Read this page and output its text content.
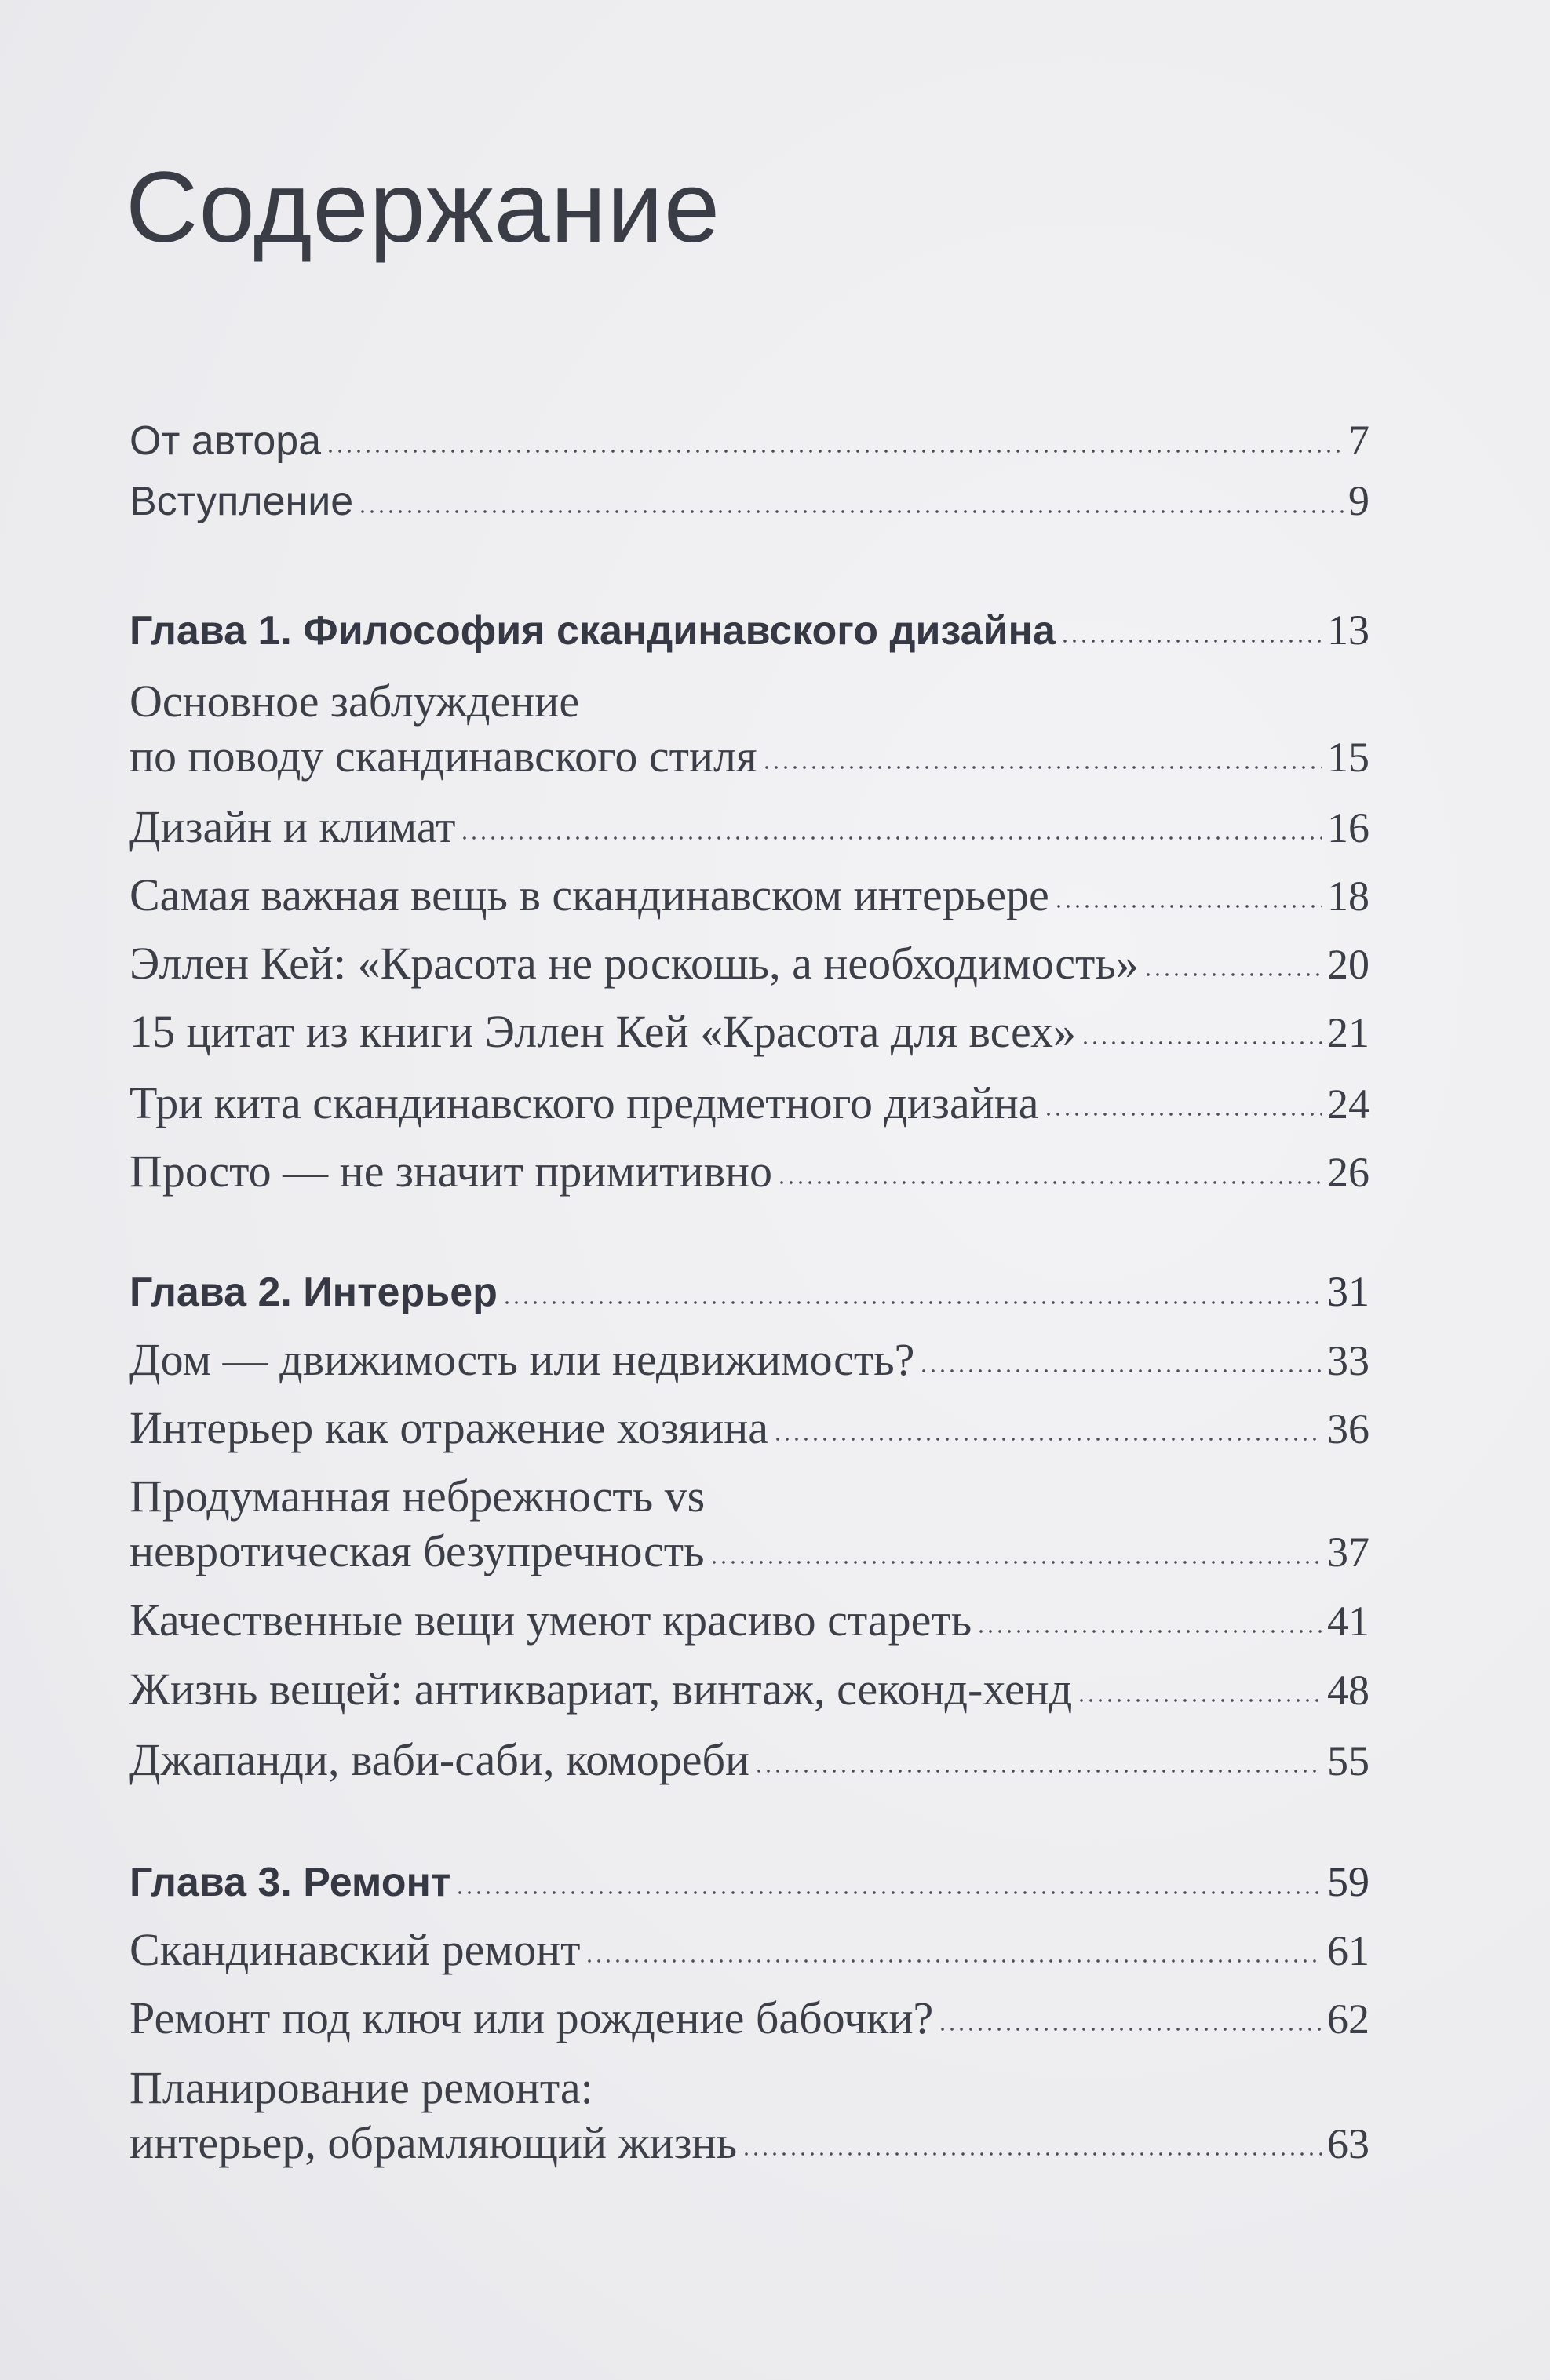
Содержание
От автора	7
Вступление	9
Глава 1. Философия скандинавского дизайна	13
Основное заблуждение
по поводу скандинавского стиля	15
Дизайн и климат	16
Самая важная вещь в скандинавском интерьере	18
Эллен Кей: «Красота не роскошь, а необходимость»	20
15 цитат из книги Эллен Кей «Красота для всех»	21
Три кита скандинавского предметного дизайна	24
Просто — не значит примитивно	26
Глава 2. Интерьер	31
Дом — движимость или недвижимость?	33
Интерьер как отражение хозяина	36
Продуманная небрежность vs
невротическая безупречность	37
Качественные вещи умеют красиво стареть	41
Жизнь вещей: антиквариат, винтаж, секонд-хенд	48
Джапанди, ваби-саби, комореби	55
Глава 3. Ремонт	59
Скандинавский ремонт	61
Ремонт под ключ или рождение бабочки?	62
Планирование ремонта:
интерьер, обрамляющий жизнь	63
